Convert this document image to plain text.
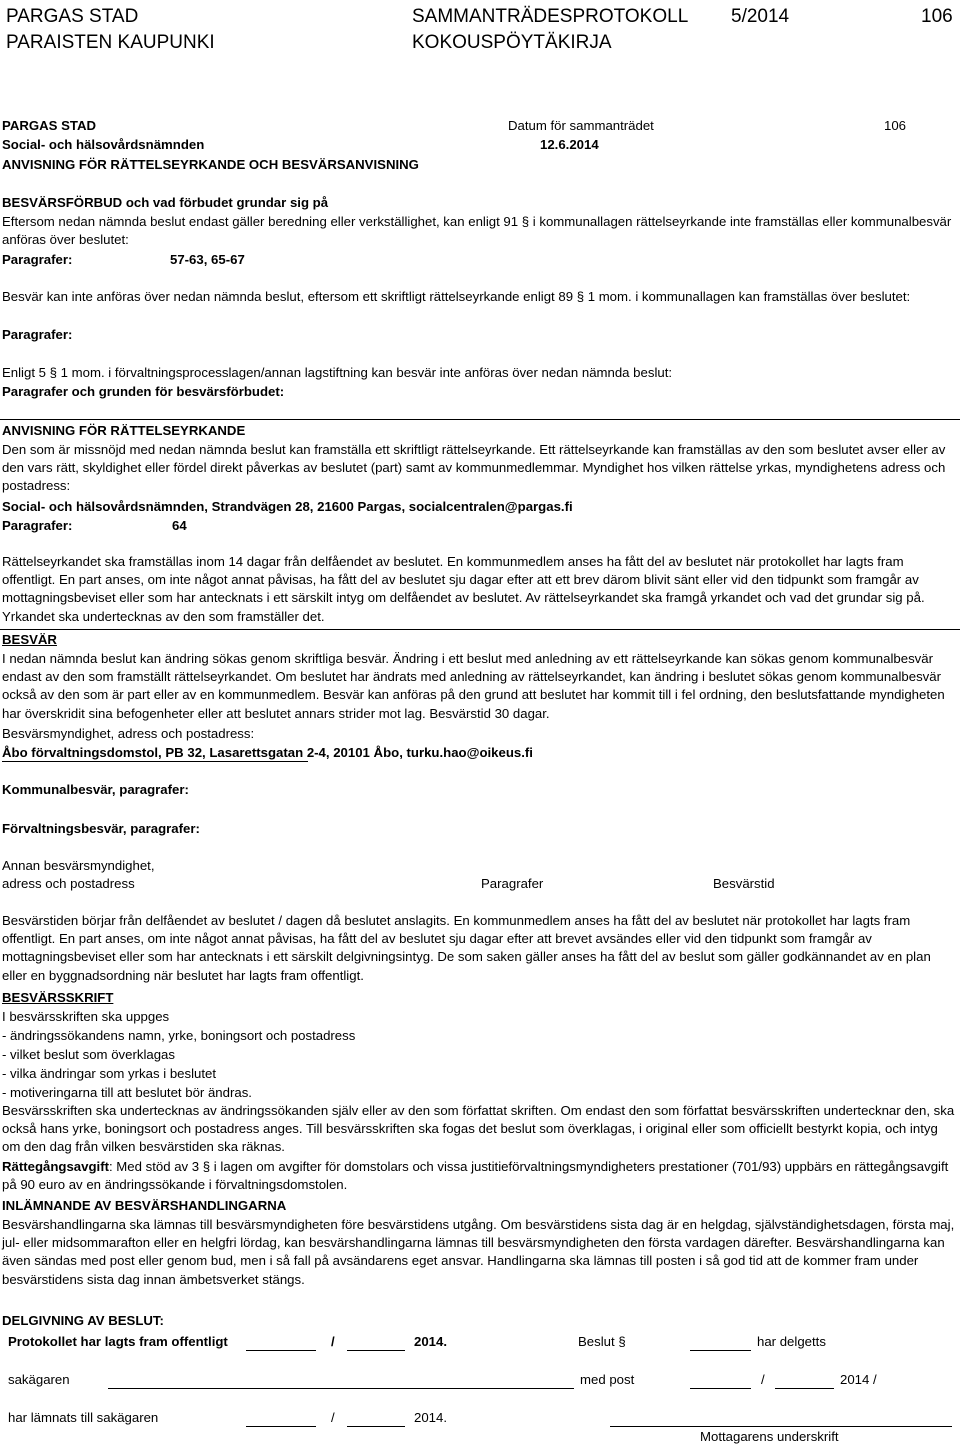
PARGAS STAD
PARAISTEN KAUPUNKI
SAMMANTRÄDESPROTOKOLL
KOKOUSPÖYTÄKIRJA
5/2014	106
PARGAS STAD	Datum för sammanträdet	106
Social- och hälsovårdsnämnden	12.6.2014
ANVISNING FÖR RÄTTELSEYRKANDE OCH BESVÄRSANVISNING
BESVÄRSFÖRBUD och vad förbudet grundar sig på
Eftersom nedan nämnda beslut endast gäller beredning eller verkställighet, kan enligt 91 § i kommunallagen rättelseyrkande inte framställas eller kommunalbesvär anföras över beslutet:
Paragrafer:	57-63, 65-67
Besvär kan inte anföras över nedan nämnda beslut, eftersom ett skriftligt rättelseyrkande enligt 89 § 1 mom. i kommunallagen kan framställas över beslutet:
Paragrafer:
Enligt 5 § 1 mom. i förvaltningsprocesslagen/annan lagstiftning kan besvär inte anföras över nedan nämnda beslut:
Paragrafer och grunden för besvärsförbudet:
ANVISNING FÖR RÄTTELSEYRKANDE
Den som är missnöjd med nedan nämnda beslut kan framställa ett skriftligt rättelseyrkande. Ett rättelseyrkande kan framställas av den som beslutet avser eller av den vars rätt, skyldighet eller fördel direkt påverkas av beslutet (part) samt av kommunmedlemmar. Myndighet hos vilken rättelse yrkas, myndighetens adress och postadress:
Social- och hälsovårdsnämnden, Strandvägen 28, 21600 Pargas, socialcentralen@pargas.fi
Paragrafer:	64
Rättelseyrkandet ska framställas inom 14 dagar från delfåendet av beslutet. En kommunmedlem anses ha fått del av beslutet när protokollet har lagts fram offentligt. En part anses, om inte något annat påvisas, ha fått del av beslutet sju dagar efter att ett brev därom blivit sänt eller vid den tidpunkt som framgår av mottagningsbeviset eller som har antecknats i ett särskilt intyg om delfåendet av beslutet. Av rättelseyrkandet ska framgå yrkandet och vad det grundar sig på. Yrkandet ska undertecknas av den som framställer det.
BESVÄR
I nedan nämnda beslut kan ändring sökas genom skriftliga besvär. Ändring i ett beslut med anledning av ett rättelseyrkande kan sökas genom kommunalbesvär endast av den som framställt rättelseyrkandet. Om beslutet har ändrats med anledning av rättelseyrkandet, kan ändring i beslutet sökas genom kommunalbesvär också av den som är part eller av en kommunmedlem. Besvär kan anföras på den grund att beslutet har kommit till i fel ordning, den beslutsfattande myndigheten har överskridit sina befogenheter eller att beslutet annars strider mot lag. Besvärstid 30 dagar.
Besvärsmyndighet, adress och postadress:
Åbo förvaltningsdomstol, PB 32, Lasarettsgatan 2-4, 20101 Åbo, turku.hao@oikeus.fi
Kommunalbesvär, paragrafer:
Förvaltningsbesvär, paragrafer:
Annan besvärsmyndighet,
adress och postadress	Paragrafer	Besvärstid
Besvärstiden börjar från delfåendet av beslutet / dagen då beslutet anslagits. En kommunmedlem anses ha fått del av beslutet när protokollet har lagts fram offentligt. En part anses, om inte något annat påvisas, ha fått del av beslutet sju dagar efter att brevet avsändes eller vid den tidpunkt som framgår av mottagningsbeviset eller som har antecknats i ett särskilt delgivningsintyg. De som saken gäller anses ha fått del av beslut som gäller godkännandet av en plan eller en byggnadsordning när beslutet har lagts fram offentligt.
BESVÄRSSKRIFT
I besvärsskriften ska uppges
- ändringssökandens namn, yrke, boningsort och postadress
- vilket beslut som överklagas
- vilka ändringar som yrkas i beslutet
- motiveringarna till att beslutet bör ändras.
Besvärsskriften ska undertecknas av ändringssökanden själv eller av den som författat skriften. Om endast den som författat besvärsskriften undertecknar den, ska också hans yrke, boningsort och postadress anges. Till besvärsskriften ska fogas det beslut som överklagas, i original eller som officiellt bestyrkt kopia, och intyg om den dag från vilken besvärstiden ska räknas.
Rättegångsavgift: Med stöd av 3 § i lagen om avgifter för domstolars och vissa justitieförvaltningsmyndigheters prestationer (701/93) uppbärs en rättegångsavgift på 90 euro av en ändringssökande i förvaltningsdomstolen.
INLÄMNANDE AV BESVÄRSHANDLINGARNA
Besvärshandlingarna ska lämnas till besvärsmyndigheten före besvärstidens utgång. Om besvärstidens sista dag är en helgdag, självständighetsdagen, första maj, jul- eller midsommarafton eller en helgfri lördag, kan besvärshandlingarna lämnas till besvärsmyndigheten den första vardagen därefter. Besvärshandlingarna kan även sändas med post eller genom bud, men i så fall på avsändarens eget ansvar. Handlingarna ska lämnas till posten i så god tid att de kommer fram under besvärstidens sista dag innan ämbetsverket stängs.
DELGIVNING AV BESLUT:
Protokollet har lagts fram offentligt	/	2014.	Beslut §	har delgetts
sakägaren	med post	/	2014 /
har lämnats till sakägaren	/	2014.
Mottagarens underskrift
